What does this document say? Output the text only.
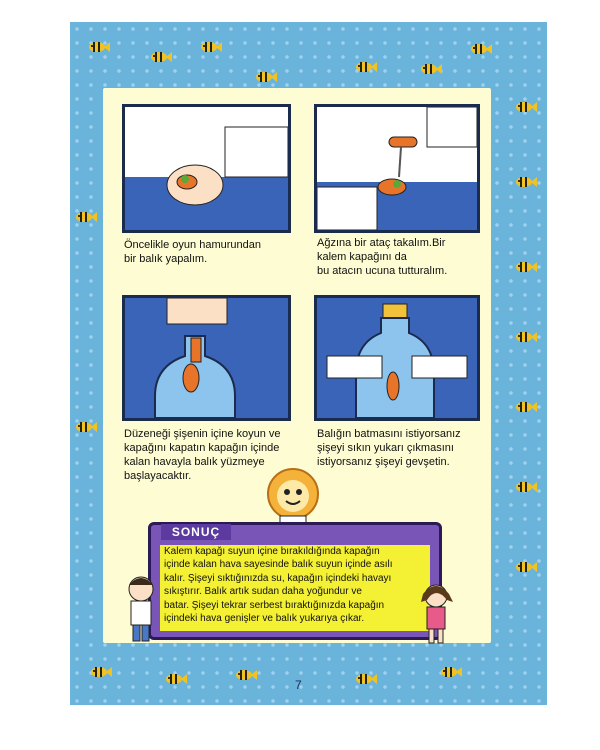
Öncelikle oyun hamurundan
bir balık yapalım.
Ağzına bir ataç takalım.Bir
kalem kapağını da
bu atacın ucuna tutturalım.
Düzeneği şişenin içine koyun ve
kapağını kapatın kapağın içinde
kalan havayla balık yüzmeye
başlayacaktır.
Balığın batmasını istiyorsanız
şişeyi sıkın yukarı çıkmasını
istiyorsanız şişeyi gevşetin.
SONUÇ
Kalem kapağı suyun içine bırakıldığında kapağın
içinde kalan hava sayesinde balık suyun içinde asılı
kalır. Şişeyi sıktığınızda su, kapağın içindeki havayı
sıkıştırır. Balık artık sudan daha yoğundur ve
batar. Şişeyi tekrar serbest bıraktığınızda kapağın
içindeki hava genişler ve balık yukarıya çıkar.
7
